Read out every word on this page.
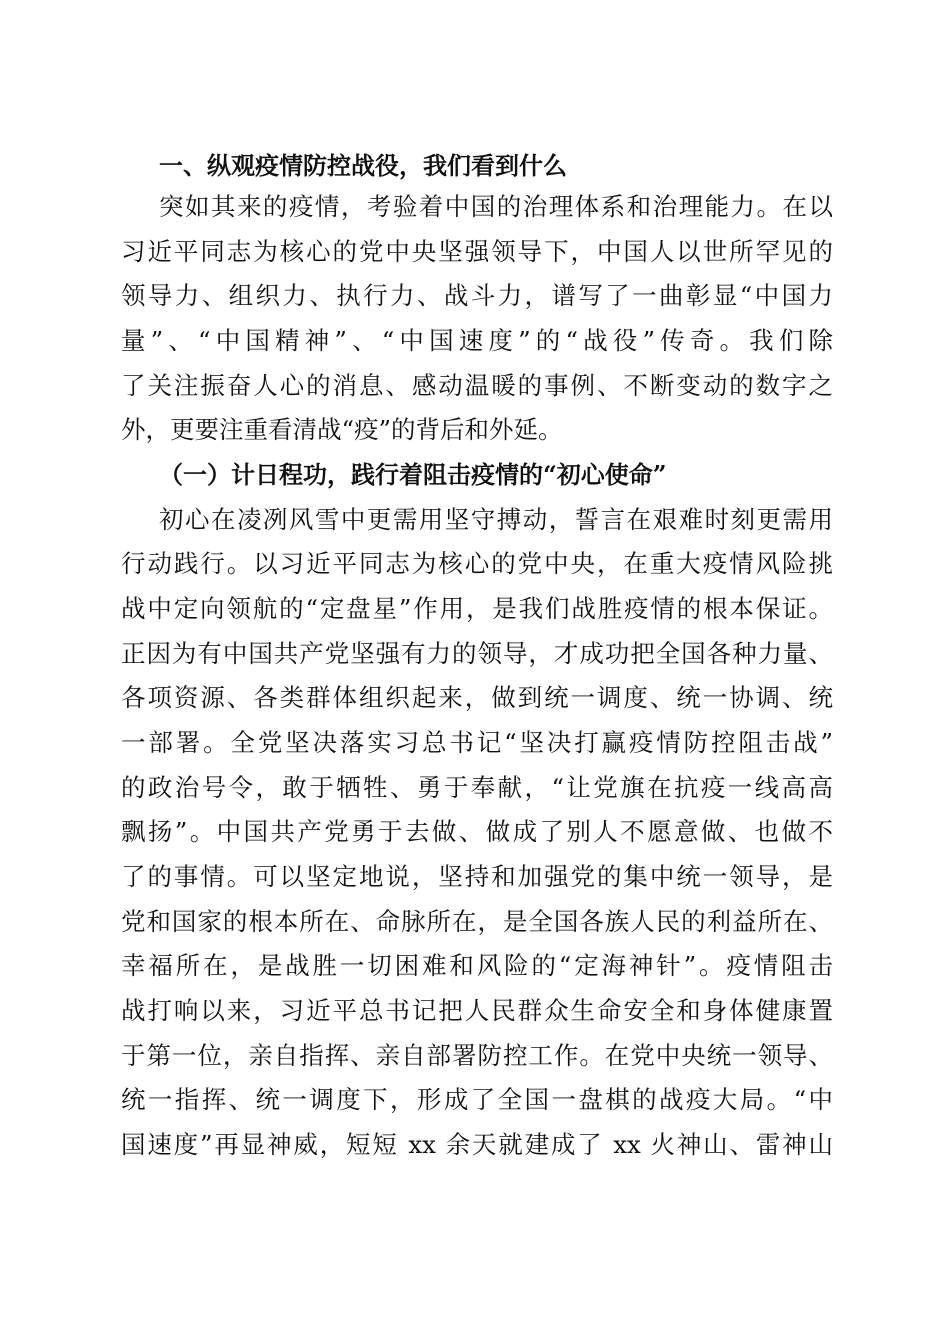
一、纵观疫情防控战役，我们看到什么
突如其来的疫情，考验着中国的治理体系和治理能力。在以
习近平同志为核心的党中央坚强领导下，中国人以世所罕见的
领导力、组织力、执行力、战斗力，谱写了一曲彰显“中国力
量”、“中国精神”、“中国速度”的“战役”传奇。我们除
了关注振奋人心的消息、感动温暖的事例、不断变动的数字之
外，更要注重看清战“疫”的背后和外延。
（一）计日程功，践行着阻击疫情的“初心使命”
初心在凌冽风雪中更需用坚守搏动，誓言在艰难时刻更需用
行动践行。以习近平同志为核心的党中央，在重大疫情风险挑
战中定向领航的“定盘星”作用，是我们战胜疫情的根本保证。
正因为有中国共产党坚强有力的领导，才成功把全国各种力量、
各项资源、各类群体组织起来，做到统一调度、统一协调、统
一部署。全党坚决落实习总书记“坚决打赢疫情防控阻击战”
的政治号令，敢于牺牲、勇于奉献，“让党旗在抗疫一线高高
飘扬”。中国共产党勇于去做、做成了别人不愿意做、也做不
了的事情。可以坚定地说，坚持和加强党的集中统一领导，是
党和国家的根本所在、命脉所在，是全国各族人民的利益所在、
幸福所在，是战胜一切困难和风险的“定海神针”。疫情阻击
战打响以来，习近平总书记把人民群众生命安全和身体健康置
于第一位，亲自指挥、亲自部署防控工作。在党中央统一领导、
统一指挥、统一调度下，形成了全国一盘棋的战疫大局。“中
国速度”再显神威，短短 xx 余天就建成了 xx 火神山、雷神山
